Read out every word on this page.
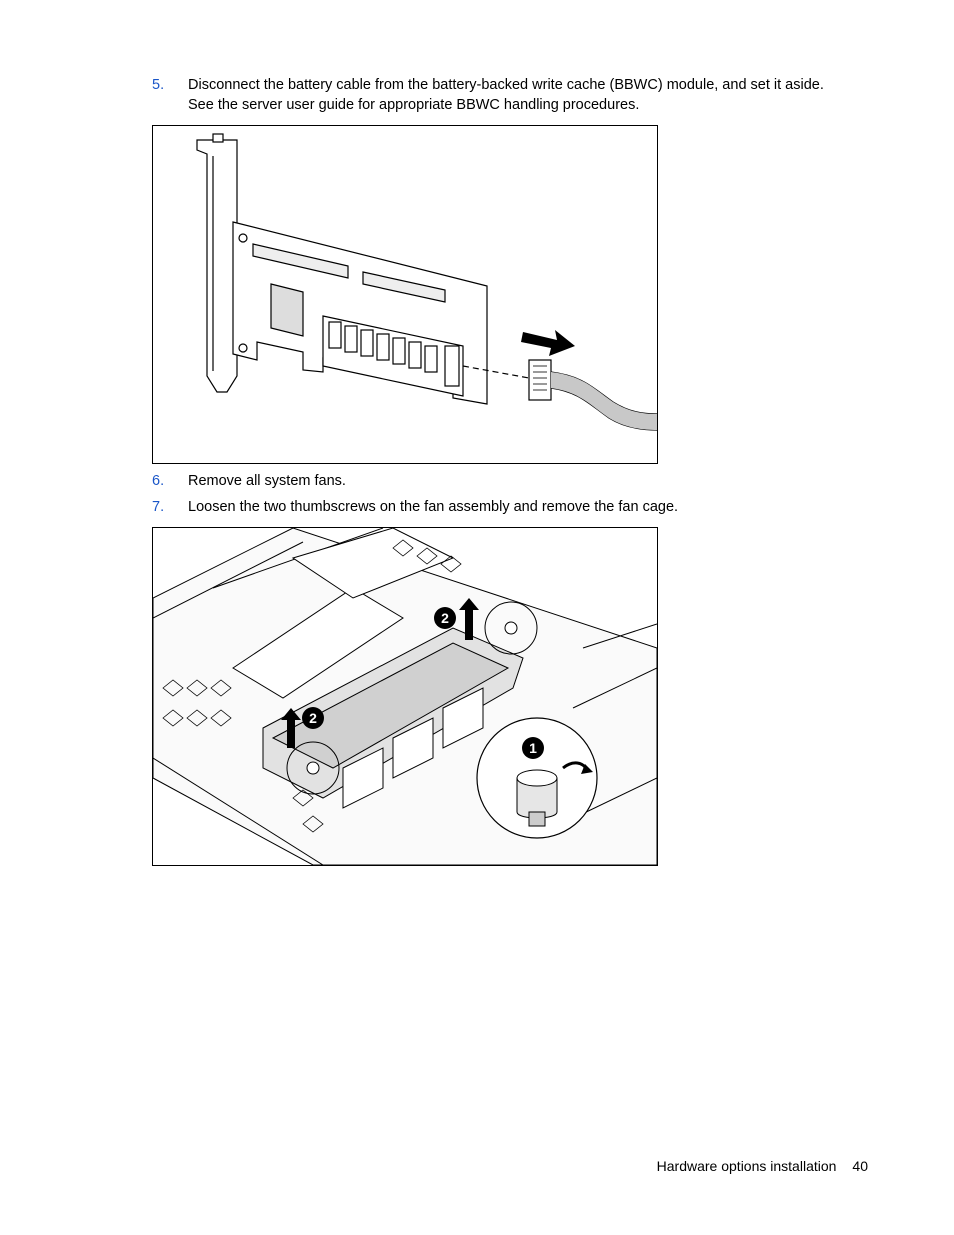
5. Disconnect the battery cable from the battery-backed write cache (BBWC) module, and set it aside.
See the server user guide for appropriate BBWC handling procedures.
6. Remove all system fans.
7. Loosen the two thumbscrews on the fan assembly and remove the fan cage.
2
2
1
Hardware options installation 40
